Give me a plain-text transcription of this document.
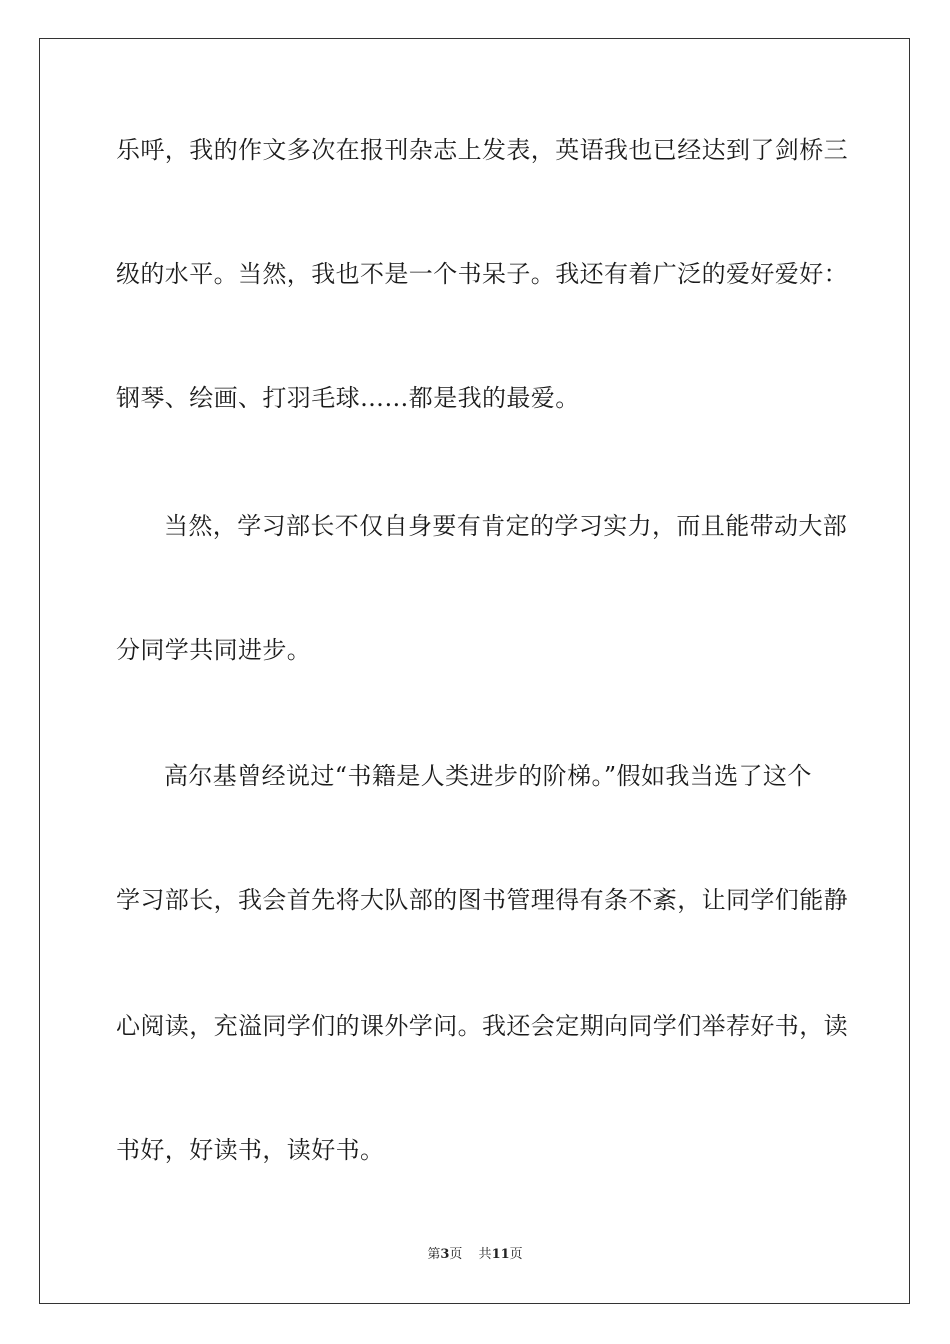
乐呼，我的作文多次在报刊杂志上发表，英语我也已经达到了剑桥三
级的水平。当然，我也不是一个书呆子。我还有着广泛的爱好爱好：
钢琴、绘画、打羽毛球……都是我的最爱。
当然，学习部长不仅自身要有肯定的学习实力，而且能带动大部
分同学共同进步。
高尔基曾经说过“书籍是人类进步的阶梯。”假如我当选了这个
学习部长，我会首先将大队部的图书管理得有条不紊，让同学们能静
心阅读，充溢同学们的课外学问。我还会定期向同学们举荐好书，读
书好，好读书，读好书。
第3页 共11页
